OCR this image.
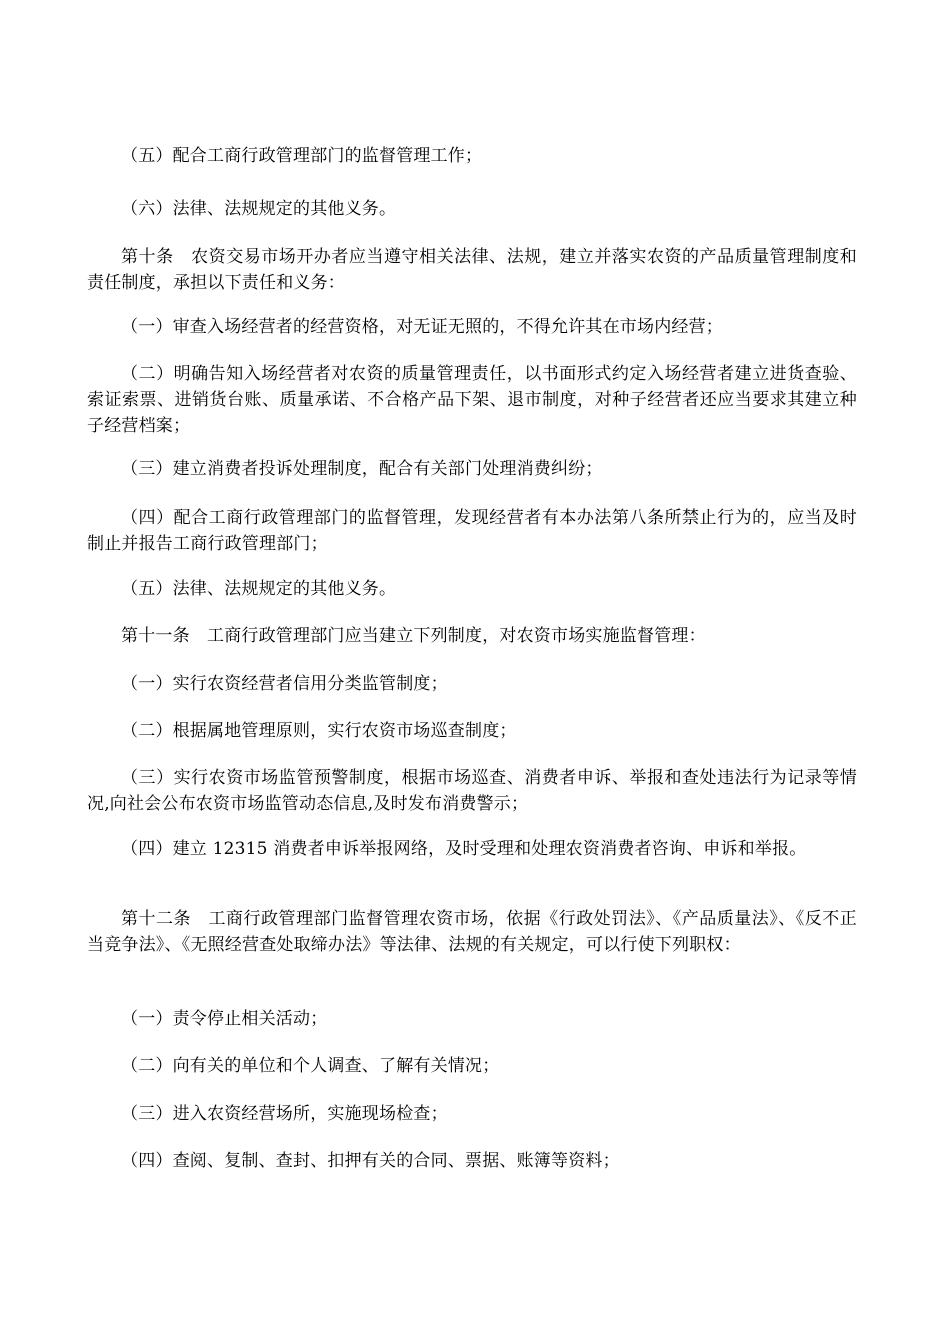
（五）配合工商行政管理部门的监督管理工作；

（六）法律、法规规定的其他义务。

第十条　农资交易市场开办者应当遵守相关法律、法规，建立并落实农资的产品质量管理制度和责任制度，承担以下责任和义务：

（一）审查入场经营者的经营资格，对无证无照的，不得允许其在市场内经营；

（二）明确告知入场经营者对农资的质量管理责任，以书面形式约定入场经营者建立进货查验、索证索票、进销货台账、质量承诺、不合格产品下架、退市制度，对种子经营者还应当要求其建立种子经营档案；

（三）建立消费者投诉处理制度，配合有关部门处理消费纠纷；

（四）配合工商行政管理部门的监督管理，发现经营者有本办法第八条所禁止行为的，应当及时制止并报告工商行政管理部门；

（五）法律、法规规定的其他义务。

第十一条　工商行政管理部门应当建立下列制度，对农资市场实施监督管理：

（一）实行农资经营者信用分类监管制度；

（二）根据属地管理原则，实行农资市场巡查制度；

（三）实行农资市场监管预警制度，根据市场巡查、消费者申诉、举报和查处违法行为记录等情况,向社会公布农资市场监管动态信息,及时发布消费警示；

（四）建立 12315 消费者申诉举报网络，及时受理和处理农资消费者咨询、申诉和举报。

第十二条　工商行政管理部门监督管理农资市场，依据《行政处罚法》、《产品质量法》、《反不正当竞争法》、《无照经营查处取缔办法》等法律、法规的有关规定，可以行使下列职权：

（一）责令停止相关活动；

（二）向有关的单位和个人调查、了解有关情况；

（三）进入农资经营场所，实施现场检查；

（四）查阅、复制、查封、扣押有关的合同、票据、账簿等资料；
